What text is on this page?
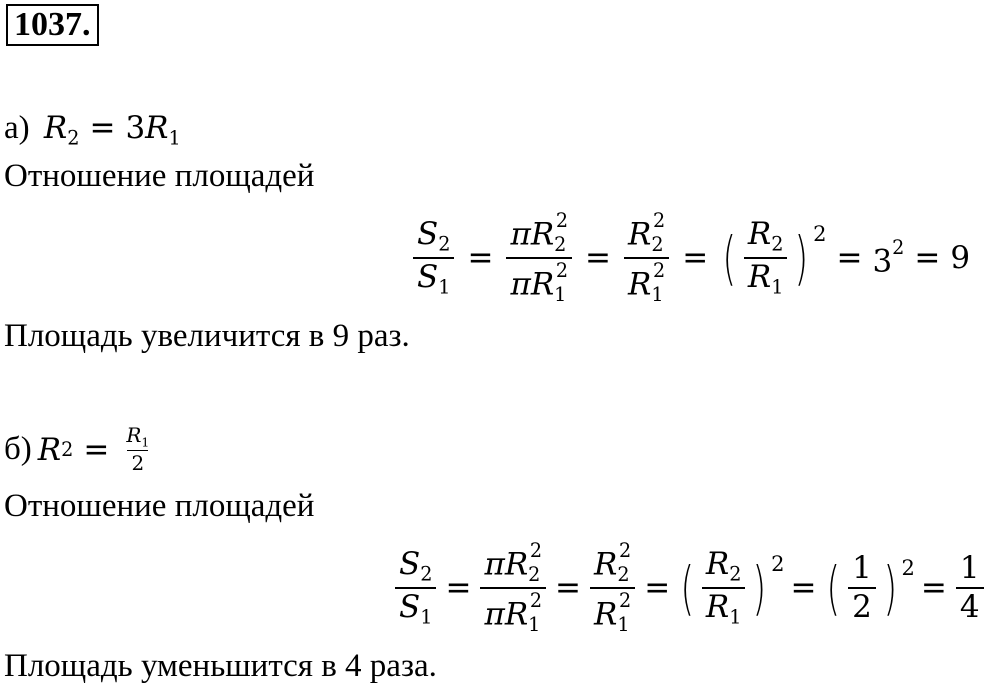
1037.
а) $R_2 = 3R_1$
Отношение площадей
$\frac{S_2}{S_1} = \frac{\pi R_2^2}{\pi R_1^2} = \frac{R_2^2}{R_1^2}$ = ( $\frac{R_2}{R_1}$ ) 2
= $3^2 = 9$
Площадь увеличится в 9 раз.
б) R $2 = \frac{R_1}{2}$
Отношение площадей
$\frac{S_2}{S_1} = \frac{\pi R_2^2}{\pi R_1^2} = \frac{R_2^2}{R_1^2}$ = ( $\frac{R_2}{R_1}$ ) 2
= ( $\frac{1}{2}$ ) 2
= $\frac{1}{4}$
Площадь уменьшится в 4 раза.
